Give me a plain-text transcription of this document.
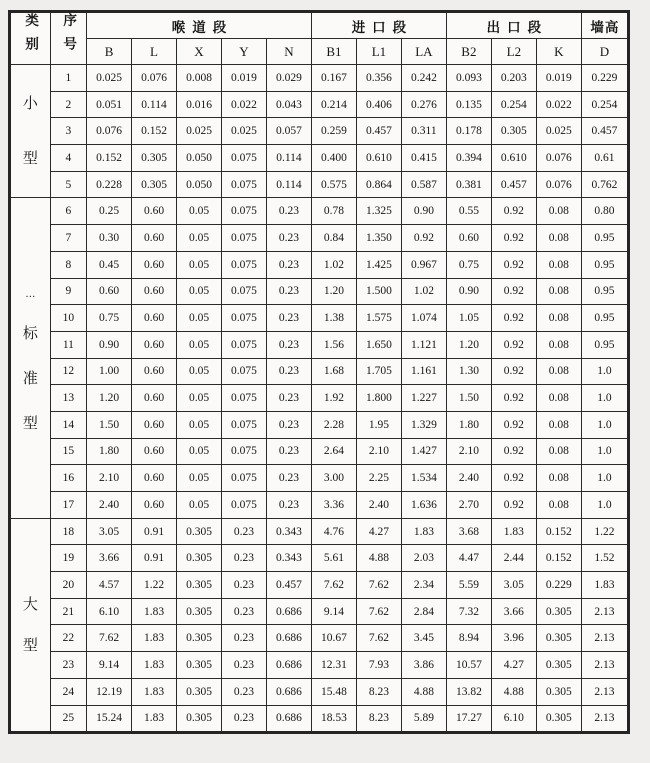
类别	序号	喉道段					进口段			出口段			墙高
		B	L	X	Y	N	B1	L1	LA	B2	L2	K	D

小
型	1	0.025	0.076	0.008	0.019	0.029	0.167	0.356	0.242	0.093	0.203	0.019	0.229
	2	0.051	0.114	0.016	0.022	0.043	0.214	0.406	0.276	0.135	0.254	0.022	0.254
	3	0.076	0.152	0.025	0.025	0.057	0.259	0.457	0.311	0.178	0.305	0.025	0.457
	4	0.152	0.305	0.050	0.075	0.114	0.400	0.610	0.415	0.394	0.610	0.076	0.61
	5	0.228	0.305	0.050	0.075	0.114	0.575	0.864	0.587	0.381	0.457	0.076	0.762

…
标
准
型	6	0.25	0.60	0.05	0.075	0.23	0.78	1.325	0.90	0.55	0.92	0.08	0.80
	7	0.30	0.60	0.05	0.075	0.23	0.84	1.350	0.92	0.60	0.92	0.08	0.95
	8	0.45	0.60	0.05	0.075	0.23	1.02	1.425	0.967	0.75	0.92	0.08	0.95
	9	0.60	0.60	0.05	0.075	0.23	1.20	1.500	1.02	0.90	0.92	0.08	0.95
	10	0.75	0.60	0.05	0.075	0.23	1.38	1.575	1.074	1.05	0.92	0.08	0.95
	11	0.90	0.60	0.05	0.075	0.23	1.56	1.650	1.121	1.20	0.92	0.08	0.95
	12	1.00	0.60	0.05	0.075	0.23	1.68	1.705	1.161	1.30	0.92	0.08	1.0
	13	1.20	0.60	0.05	0.075	0.23	1.92	1.800	1.227	1.50	0.92	0.08	1.0
	14	1.50	0.60	0.05	0.075	0.23	2.28	1.95	1.329	1.80	0.92	0.08	1.0
	15	1.80	0.60	0.05	0.075	0.23	2.64	2.10	1.427	2.10	0.92	0.08	1.0
	16	2.10	0.60	0.05	0.075	0.23	3.00	2.25	1.534	2.40	0.92	0.08	1.0
	17	2.40	0.60	0.05	0.075	0.23	3.36	2.40	1.636	2.70	0.92	0.08	1.0

大
型	18	3.05	0.91	0.305	0.23	0.343	4.76	4.27	1.83	3.68	1.83	0.152	1.22
	19	3.66	0.91	0.305	0.23	0.343	5.61	4.88	2.03	4.47	2.44	0.152	1.52
	20	4.57	1.22	0.305	0.23	0.457	7.62	7.62	2.34	5.59	3.05	0.229	1.83
	21	6.10	1.83	0.305	0.23	0.686	9.14	7.62	2.84	7.32	3.66	0.305	2.13
	22	7.62	1.83	0.305	0.23	0.686	10.67	7.62	3.45	8.94	3.96	0.305	2.13
	23	9.14	1.83	0.305	0.23	0.686	12.31	7.93	3.86	10.57	4.27	0.305	2.13
	24	12.19	1.83	0.305	0.23	0.686	15.48	8.23	4.88	13.82	4.88	0.305	2.13
	25	15.24	1.83	0.305	0.23	0.686	18.53	8.23	5.89	17.27	6.10	0.305	2.13
